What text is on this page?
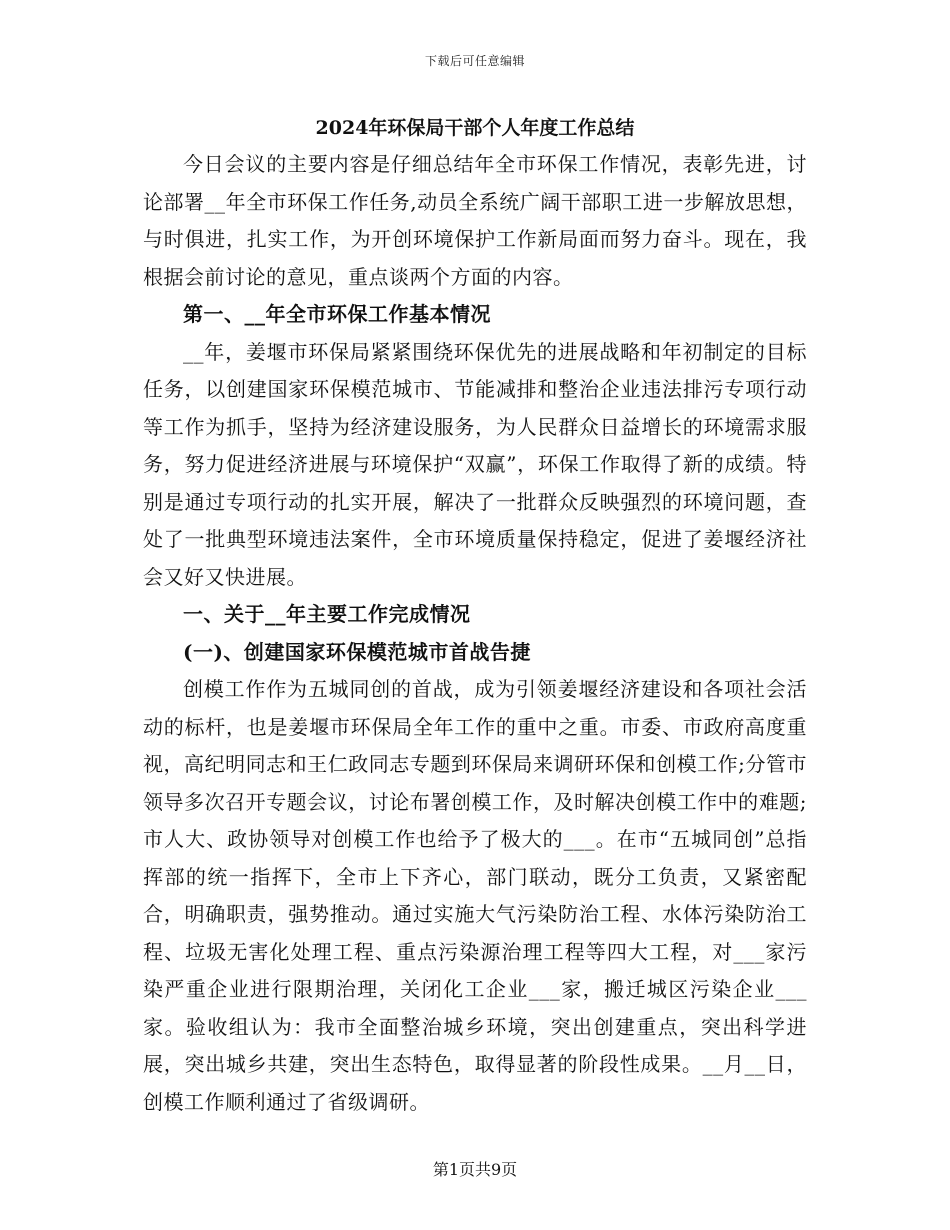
下载后可任意编辑
2024年环保局干部个人年度工作总结

今日会议的主要内容是仔细总结年全市环保工作情况，表彰先进，讨论部署__年全市环保工作任务,动员全系统广阔干部职工进一步解放思想，与时俱进，扎实工作，为开创环境保护工作新局面而努力奋斗。现在，我根据会前讨论的意见，重点谈两个方面的内容。

第一、__年全市环保工作基本情况

__年，姜堰市环保局紧紧围绕环保优先的进展战略和年初制定的目标任务，以创建国家环保模范城市、节能减排和整治企业违法排污专项行动等工作为抓手，坚持为经济建设服务，为人民群众日益增长的环境需求服务，努力促进经济进展与环境保护“双赢”，环保工作取得了新的成绩。特别是通过专项行动的扎实开展，解决了一批群众反映强烈的环境问题，查处了一批典型环境违法案件，全市环境质量保持稳定，促进了姜堰经济社会又好又快进展。

一、关于__年主要工作完成情况

(一)、创建国家环保模范城市首战告捷

创模工作作为五城同创的首战，成为引领姜堰经济建设和各项社会活动的标杆，也是姜堰市环保局全年工作的重中之重。市委、市政府高度重视，高纪明同志和王仁政同志专题到环保局来调研环保和创模工作;分管市领导多次召开专题会议，讨论布署创模工作，及时解决创模工作中的难题;市人大、政协领导对创模工作也给予了极大的___。在市“五城同创”总指挥部的统一指挥下，全市上下齐心，部门联动，既分工负责，又紧密配合，明确职责，强势推动。通过实施大气污染防治工程、水体污染防治工程、垃圾无害化处理工程、重点污染源治理工程等四大工程，对___家污染严重企业进行限期治理，关闭化工企业___家，搬迁城区污染企业___家。验收组认为：我市全面整治城乡环境，突出创建重点，突出科学进展，突出城乡共建，突出生态特色，取得显著的阶段性成果。__月__日，创模工作顺利通过了省级调研。

第1页共9页
